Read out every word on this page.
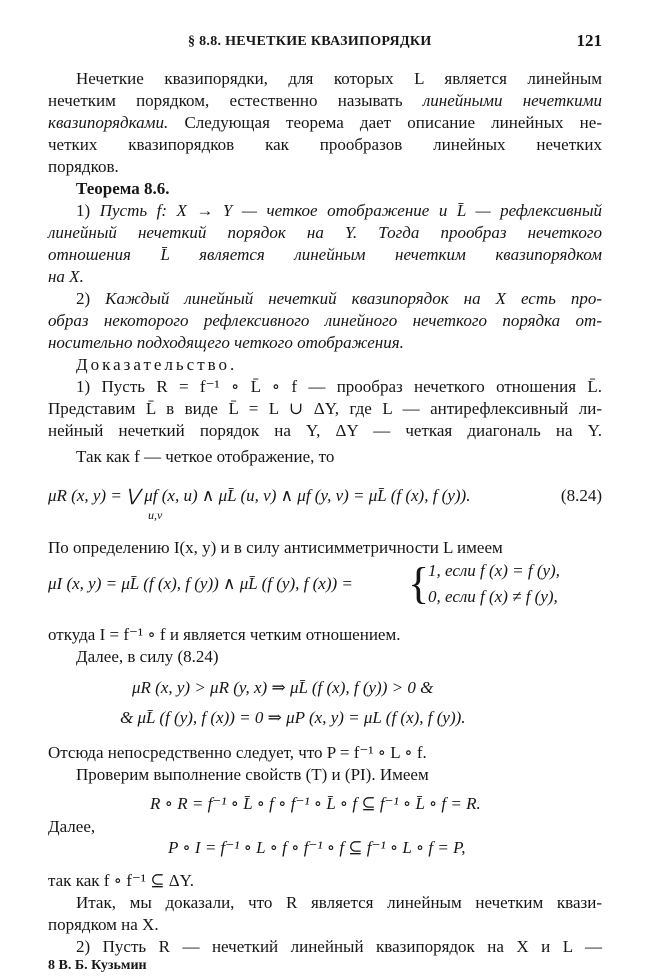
§ 8.8. НЕЧЕТКИЕ КВАЗИПОРЯДКИ	121
Нечеткие квазипорядки, для которых L является линейным
нечетким порядком, естественно называть линейными нечеткими
квазипорядками. Следующая теорема дает описание линейных не-
четких квазипорядков как прообразов линейных нечетких
порядков.
Теорема 8.6.
1) Пусть f: X → Y — четкое отображение и L̄ — рефлексивный
линейный нечеткий порядок на Y. Тогда прообраз нечеткого
отношения L̄ является линейным нечетким квазипорядком
на X.
2) Каждый линейный нечеткий квазипорядок на X есть про-
образ некоторого рефлексивного линейного нечеткого порядка от-
носительно подходящего четкого отображения.
Доказательство.
1) Пусть R = f⁻¹ ∘ L̄ ∘ f — прообраз нечеткого отношения L̄.
Представим L̄ в виде L̄ = L ∪ ΔY, где L — антирефлексивный ли-
нейный нечеткий порядок на Y, ΔY — четкая диагональ на Y.
Так как f — четкое отображение, то
μR (x, y) = ⋁ μf (x, u) ∧ μL̄ (u, v) ∧ μf (y, v) = μL̄ (f (x), f (y)).
u,v
(8.24)
По определению I(x, y) и в силу антисимметричности L имеем
μI (x, y) = μL̄ (f (x), f (y)) ∧ μL̄ (f (y), f (x)) = {
1, если f (x) = f (y),
0, если f (x) ≠ f (y),
откуда I = f⁻¹ ∘ f и является четким отношением.
Далее, в силу (8.24)
μR (x, y) > μR (y, x) ⇒ μL̄ (f (x), f (y)) > 0 &
& μL̄ (f (y), f (x)) = 0 ⇒ μP (x, y) = μL (f (x), f (y)).
Отсюда непосредственно следует, что P = f⁻¹ ∘ L ∘ f.
Проверим выполнение свойств (T) и (PI). Имеем
R ∘ R = f⁻¹ ∘ L̄ ∘ f ∘ f⁻¹ ∘ L̄ ∘ f ⊆ f⁻¹ ∘ L̄ ∘ f = R.
Далее,
P ∘ I = f⁻¹ ∘ L ∘ f ∘ f⁻¹ ∘ f ⊆ f⁻¹ ∘ L ∘ f = P,
так как f ∘ f⁻¹ ⊆ ΔY.
Итак, мы доказали, что R является линейным нечетким квази-
порядком на X.
2) Пусть R — нечеткий линейный квазипорядок на X и L —
8 В. Б. Кузьмин
